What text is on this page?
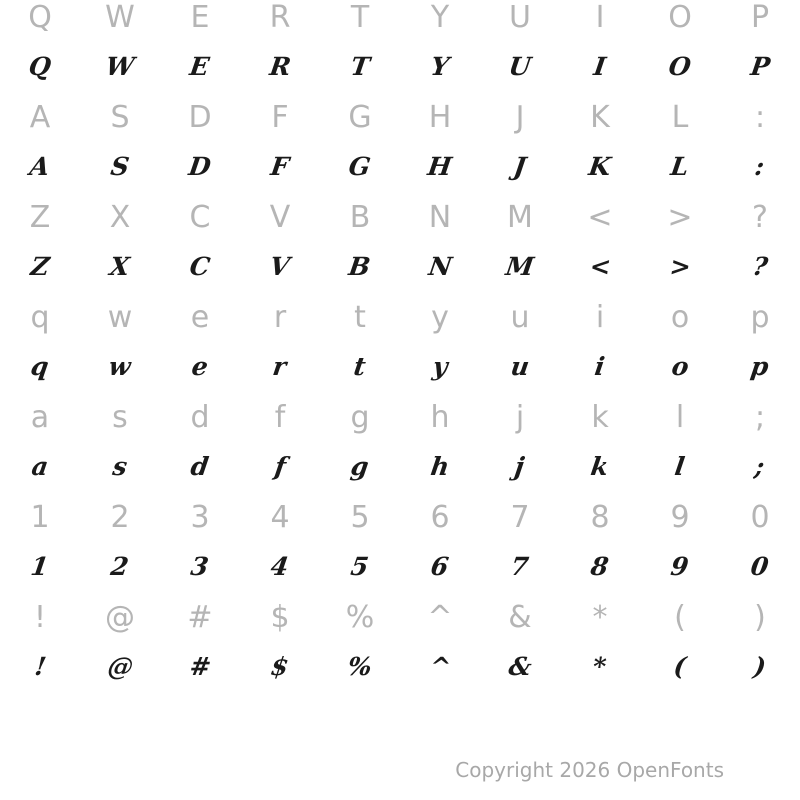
Q W E R T Y U I O P
Q W E R T Y U I O P
A S D F G H J K L :
A S D F G H J K L	:
Z X C V B N M < > ?
Z X C V B N M < > ?
q w e r t y u i o p
q w e r	t	y u i	o p
a s d f g h j k l ;
a s d f g h j	k	l	;
1 2 3 4 5 6 7 8 9 0
1 2 3 4 5 6 7 8 9 0
! @ # $ % ^ & * ( )
! @ # $ % ^ & *	(	)
Copyright 2026 OpenFonts
